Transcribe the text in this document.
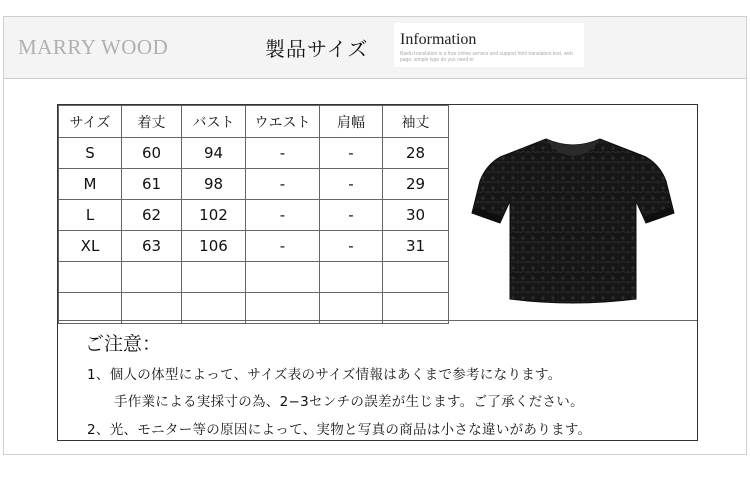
MARRY WOOD	製品サイズ Information
Baidu translation is a free online service and support html translation text, web page, simple type do you need to
サイズ	着丈	バスト	ウエスト	肩幅	袖丈
S	60	94	-	-	28
M	61	98	-	-	29
L	62	102	-	-	30
XL	63	106	-	-	31

ご注意：
1、個人の体型によって、サイズ表のサイズ情報はあくまで参考になります。
手作業による実採寸の為、2−3センチの誤差が生じます。ご了承ください。
2、光、モニター等の原因によって、実物と写真の商品は小さな違いがあります。
